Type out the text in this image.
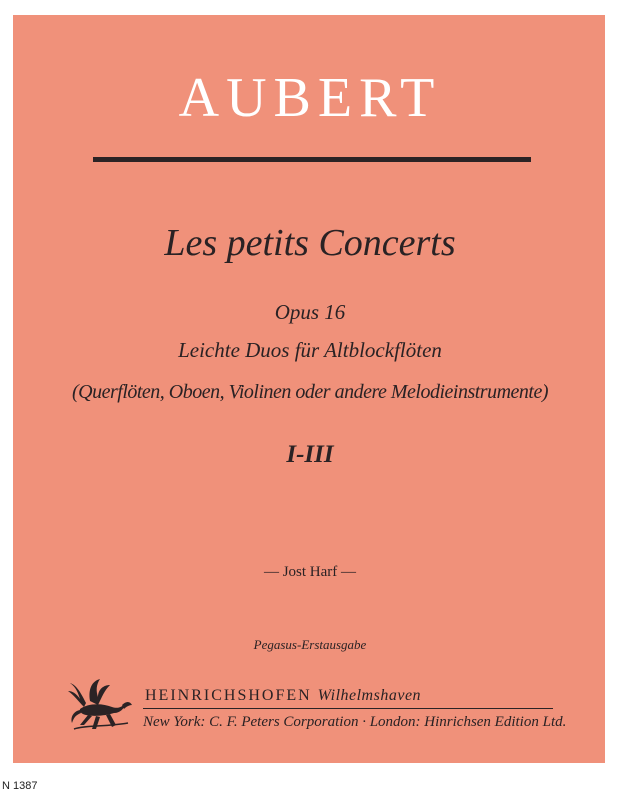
AUBERT
Les petits Concerts
Opus 16
Leichte Duos für Altblockflöten
(Querflöten, Oboen, Violinen oder andere Melodieinstrumente)
I-III
— Jost Harf —
Pegasus-Erstausgabe
HEINRICHSHOFEN Wilhelmshaven
New York: C. F. Peters Corporation · London: Hinrichsen Edition Ltd.
N 1387
